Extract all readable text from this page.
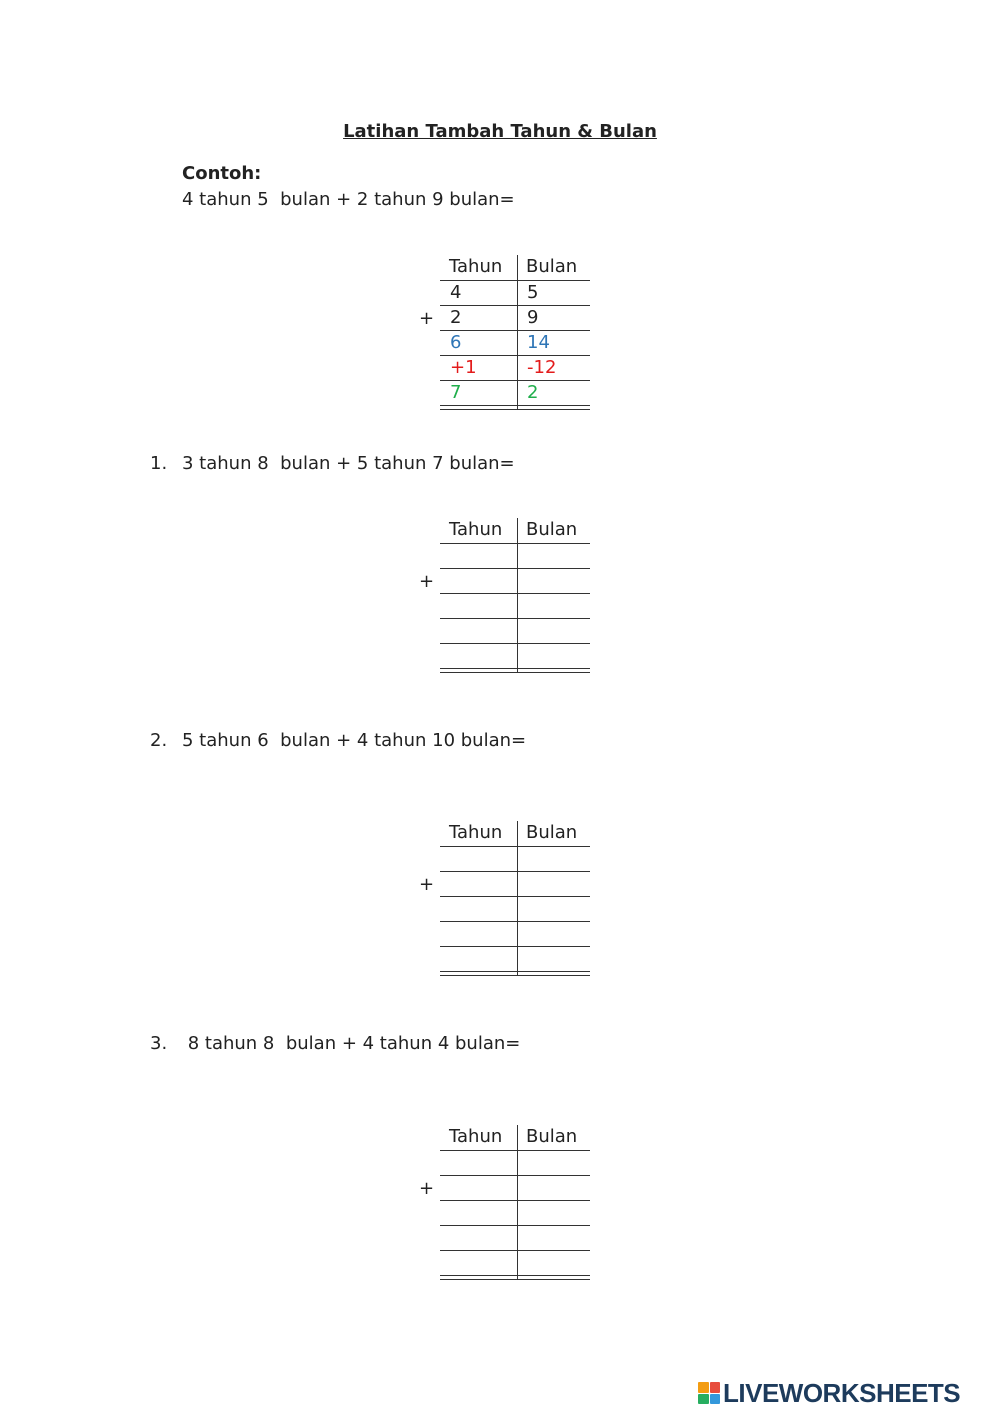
Latihan Tambah Tahun & Bulan
Contoh:
4 tahun 5  bulan + 2 tahun 9 bulan=
+
Tahun Bulan
4	5
2	9
6	14
+1	-12
7	2
1. 3 tahun 8  bulan + 5 tahun 7 bulan=
+
Tahun Bulan
2. 5 tahun 6  bulan + 4 tahun 10 bulan=
+
Tahun Bulan
3. 8 tahun 8  bulan + 4 tahun 4 bulan=
+
Tahun Bulan
LIVEWORKSHEETS
